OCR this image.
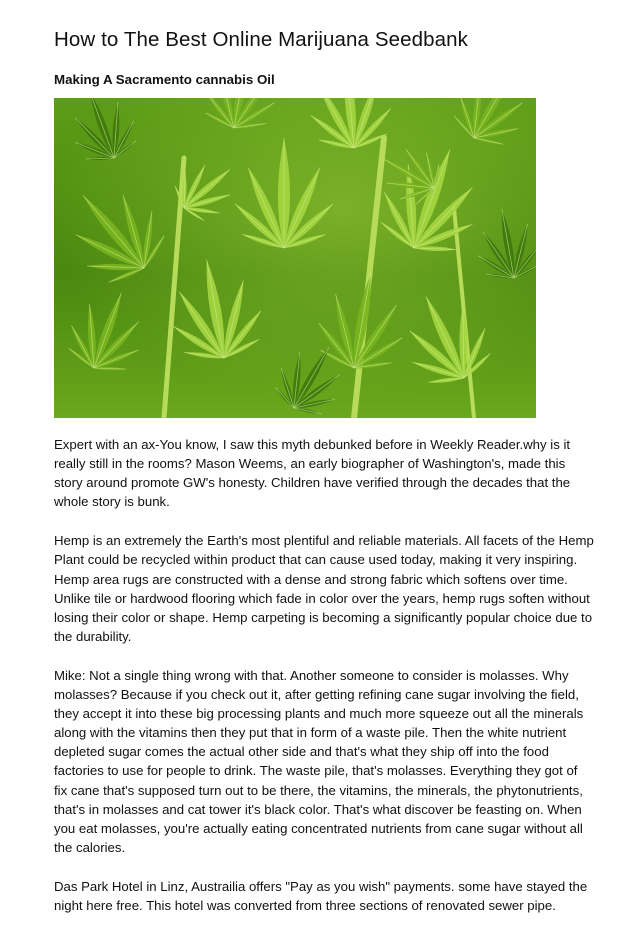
How to The Best Online Marijuana Seedbank
Making A Sacramento cannabis Oil

Expert with an ax-You know, I saw this myth debunked before in Weekly Reader.why is it really still in the rooms? Mason Weems, an early biographer of Washington's, made this story around promote GW's honesty. Children have verified through the decades that the whole story is bunk.

Hemp is an extremely the Earth's most plentiful and reliable materials. All facets of the Hemp Plant could be recycled within product that can cause used today, making it very inspiring. Hemp area rugs are constructed with a dense and strong fabric which softens over time. Unlike tile or hardwood flooring which fade in color over the years, hemp rugs soften without losing their color or shape. Hemp carpeting is becoming a significantly popular choice due to the durability.

Mike: Not a single thing wrong with that. Another someone to consider is molasses. Why molasses? Because if you check out it, after getting refining cane sugar involving the field, they accept it into these big processing plants and much more squeeze out all the minerals along with the vitamins then they put that in form of a waste pile. Then the white nutrient depleted sugar comes the actual other side and that's what they ship off into the food factories to use for people to drink. The waste pile, that's molasses. Everything they got of fix cane that's supposed turn out to be there, the vitamins, the minerals, the phytonutrients, that's in molasses and cat tower it's black color. That's what discover be feasting on. When you eat molasses, you're actually eating concentrated nutrients from cane sugar without all the calories.

Das Park Hotel in Linz, Austrailia offers "Pay as you wish" payments. some have stayed the night here free. This hotel was converted from three sections of renovated sewer pipe.
